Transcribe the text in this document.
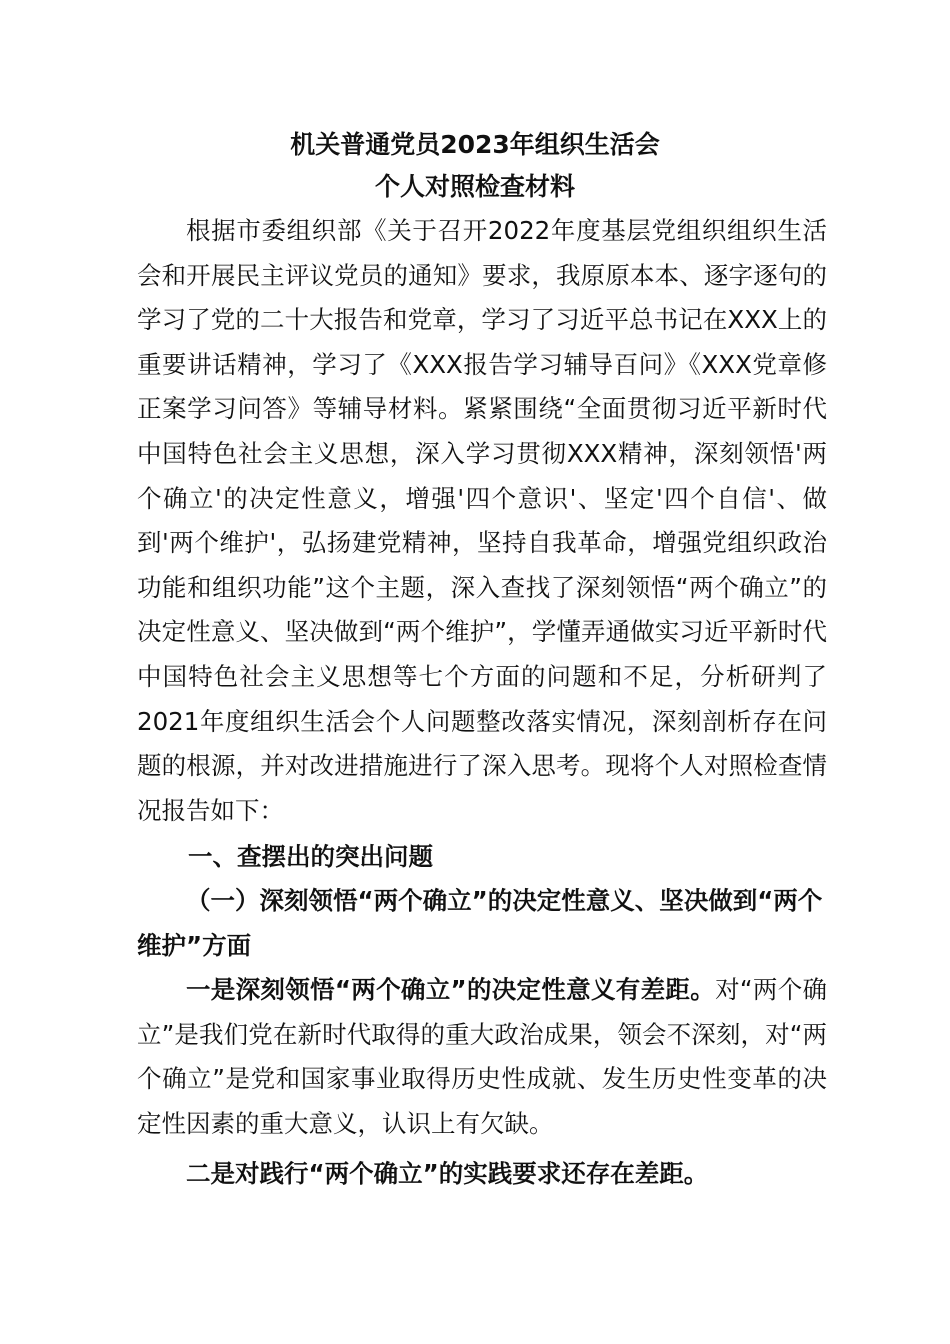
机关普通党员2023年组织生活会
个人对照检查材料

根据市委组织部《关于召开2022年度基层党组织组织生活会和开展民主评议党员的通知》要求，我原原本本、逐字逐句的学习了党的二十大报告和党章，学习了习近平总书记在XXX上的重要讲话精神，学习了《XXX报告学习辅导百问》《XXX党章修正案学习问答》等辅导材料。紧紧围绕“全面贯彻习近平新时代中国特色社会主义思想，深入学习贯彻XXX精神，深刻领悟'两个确立'的决定性意义，增强'四个意识'、坚定'四个自信'、做到'两个维护'，弘扬建党精神，坚持自我革命，增强党组织政治功能和组织功能”这个主题，深入查找了深刻领悟“两个确立”的决定性意义、坚决做到“两个维护”，学懂弄通做实习近平新时代中国特色社会主义思想等七个方面的问题和不足，分析研判了2021年度组织生活会个人问题整改落实情况，深刻剖析存在问题的根源，并对改进措施进行了深入思考。现将个人对照检查情况报告如下：

一、查摆出的突出问题

（一）深刻领悟“两个确立”的决定性意义、坚决做到“两个维护”方面

一是深刻领悟“两个确立”的决定性意义有差距。对“两个确立”是我们党在新时代取得的重大政治成果，领会不深刻，对“两个确立”是党和国家事业取得历史性成就、发生历史性变革的决定性因素的重大意义，认识上有欠缺。

二是对践行“两个确立”的实践要求还存在差距。
